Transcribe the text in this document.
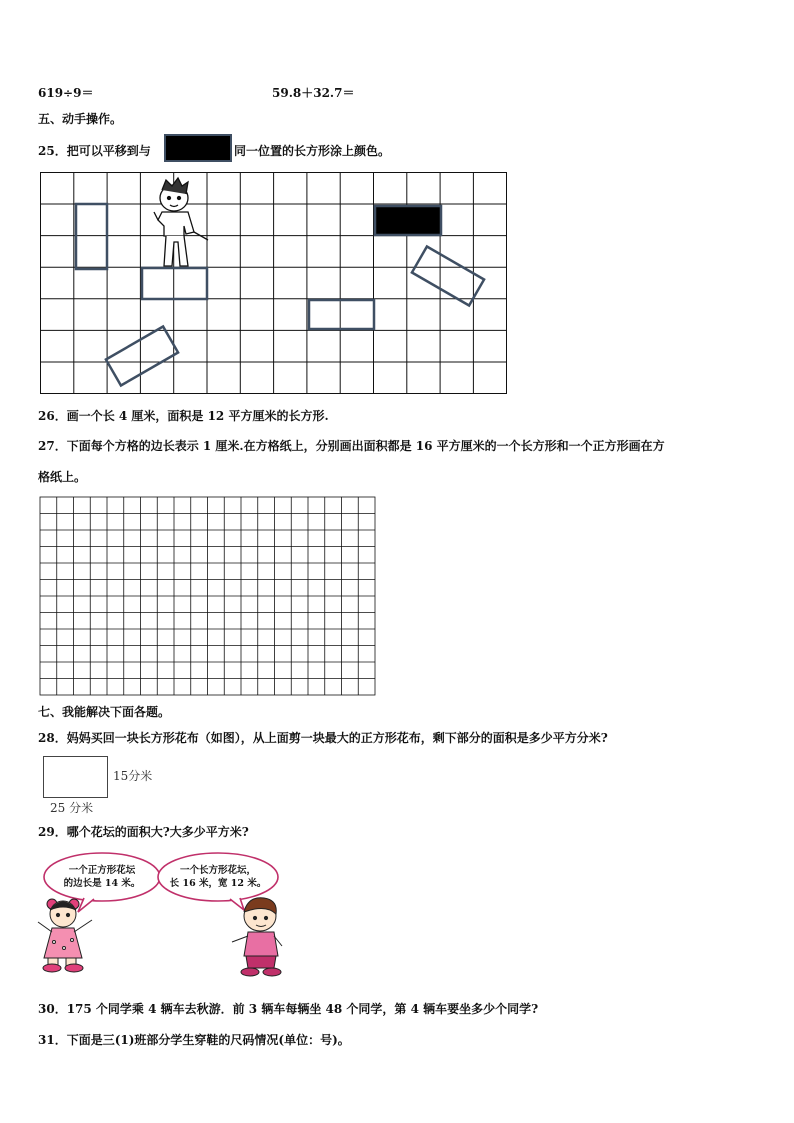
619÷9＝	59.8＋32.7＝
五、动手操作。
25．把可以平移到与	同一位置的长方形涂上颜色。
26．画一个长 4 厘米，面积是 12 平方厘米的长方形.
27．下面每个方格的边长表示 1 厘米.在方格纸上，分别画出面积都是 16 平方厘米的一个长方形和一个正方形画在方
格纸上。
七、我能解决下面各题。
28．妈妈买回一块长方形花布（如图），从上面剪一块最大的正方形花布，剩下部分的面积是多少平方分米?
15分米
25 分米
29．哪个花坛的面积大?大多少平方米?
一个正方形花坛
的边长是 14 米。
一个长方形花坛，
长 16 米，宽 12 米。
30．175 个同学乘 4 辆车去秋游．前 3 辆车每辆坐 48 个同学，第 4 辆车要坐多少个同学?
31．下面是三(1)班部分学生穿鞋的尺码情况(单位：号)。
